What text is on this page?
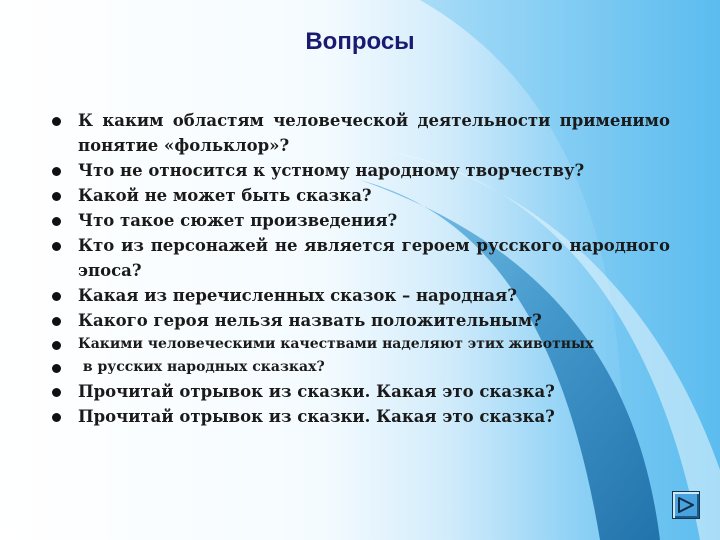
Вопросы
К каким областям человеческой деятельности применимо понятие «фольклор»?
Что не относится к устному народному творчеству?
Какой не может быть сказка?
Что такое сюжет произведения?
Кто из персонажей не является героем русского народного эпоса?
Какая из перечисленных сказок – народная?
Какого героя нельзя назвать положительным?
Какими человеческими качествами наделяют этих животных
в русских народных сказках?
Прочитай отрывок из сказки. Какая это сказка?
Прочитай отрывок из сказки. Какая это сказка?
